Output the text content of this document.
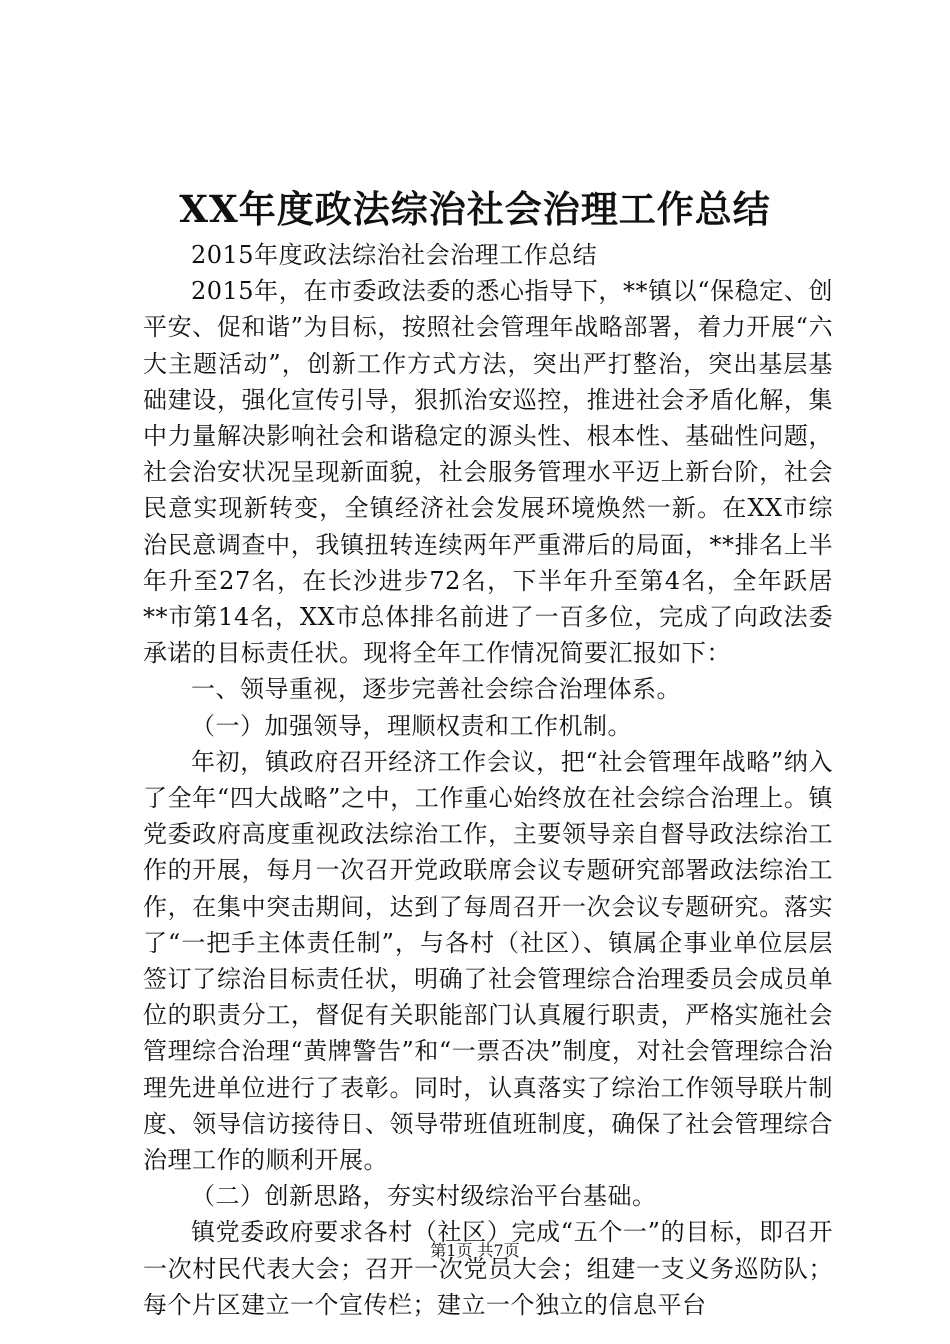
XX年度政法综治社会治理工作总结

2015年度政法综治社会治理工作总结

2015年，在市委政法委的悉心指导下，**镇以“保稳定、创平安、促和谐”为目标，按照社会管理年战略部署，着力开展“六大主题活动”，创新工作方式方法，突出严打整治，突出基层基础建设，强化宣传引导，狠抓治安巡控，推进社会矛盾化解，集中力量解决影响社会和谐稳定的源头性、根本性、基础性问题，社会治安状况呈现新面貌，社会服务管理水平迈上新台阶，社会民意实现新转变，全镇经济社会发展环境焕然一新。在XX市综治民意调查中，我镇扭转连续两年严重滞后的局面，**排名上半年升至27名，在长沙进步72名，下半年升至第4名，全年跃居**市第14名，XX市总体排名前进了一百多位，完成了向政法委承诺的目标责任状。现将全年工作情况简要汇报如下：

一、领导重视，逐步完善社会综合治理体系。

（一）加强领导，理顺权责和工作机制。

年初，镇政府召开经济工作会议，把“社会管理年战略”纳入了全年“四大战略”之中，工作重心始终放在社会综合治理上。镇党委政府高度重视政法综治工作，主要领导亲自督导政法综治工作的开展，每月一次召开党政联席会议专题研究部署政法综治工作，在集中突击期间，达到了每周召开一次会议专题研究。落实了“一把手主体责任制”，与各村（社区）、镇属企事业单位层层签订了综治目标责任状，明确了社会管理综合治理委员会成员单位的职责分工，督促有关职能部门认真履行职责，严格实施社会管理综合治理“黄牌警告”和“一票否决”制度，对社会管理综合治理先进单位进行了表彰。同时，认真落实了综治工作领导联片制度、领导信访接待日、领导带班值班制度，确保了社会管理综合治理工作的顺利开展。

（二）创新思路，夯实村级综治平台基础。

镇党委政府要求各村（社区）完成“五个一”的目标，即召开一次村民代表大会；召开一次党员大会；组建一支义务巡防队；每个片区建立一个宣传栏；建立一个独立的信息平台

第1页 共7页
